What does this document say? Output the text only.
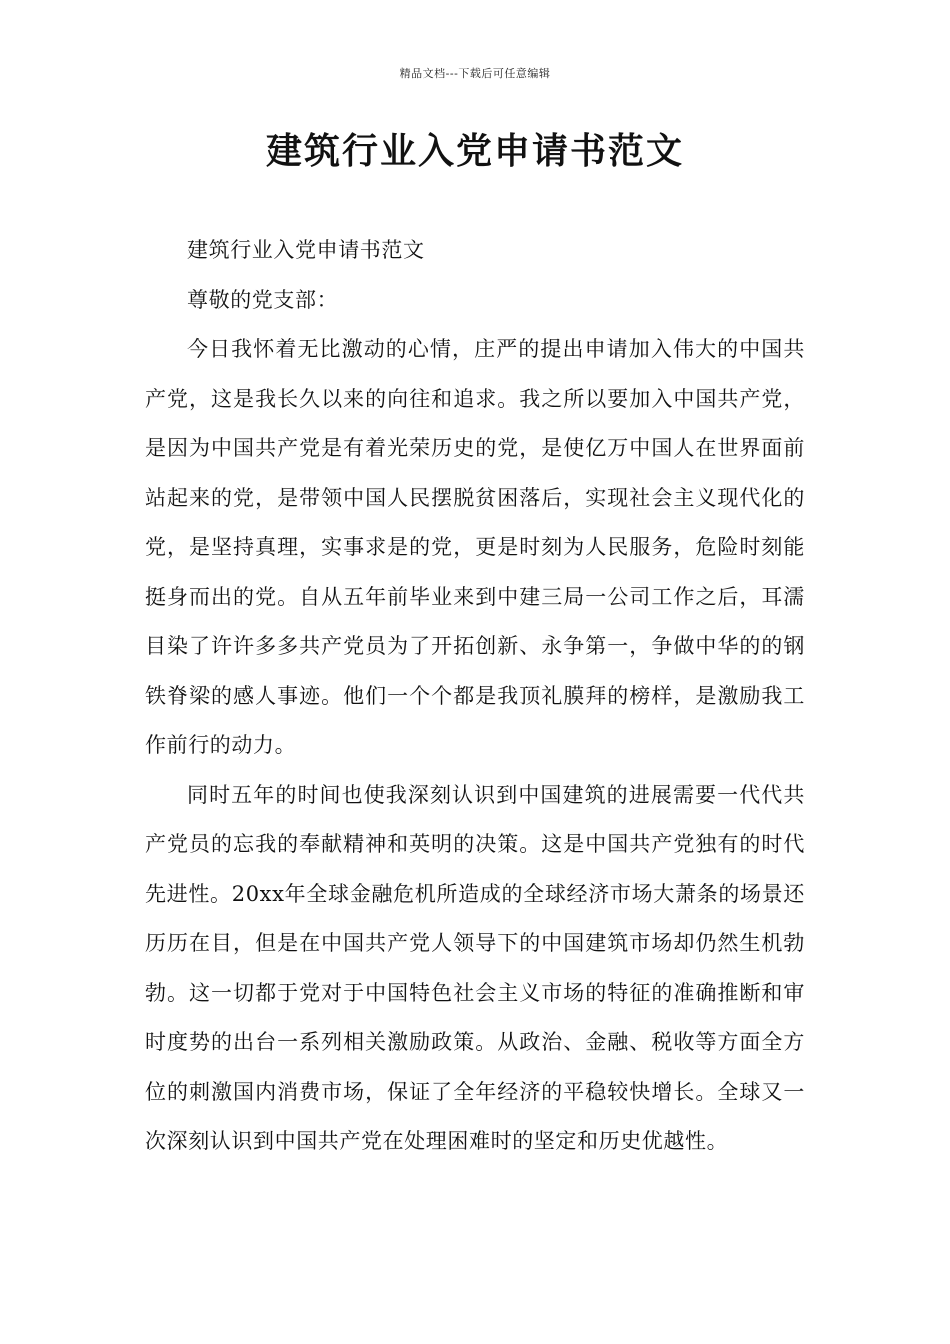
精品文档---下载后可任意编辑
建筑行业入党申请书范文

建筑行业入党申请书范文

尊敬的党支部：

今日我怀着无比激动的心情，庄严的提出申请加入伟大的中国共产党，这是我长久以来的向往和追求。我之所以要加入中国共产党，是因为中国共产党是有着光荣历史的党，是使亿万中国人在世界面前站起来的党，是带领中国人民摆脱贫困落后，实现社会主义现代化的党，是坚持真理，实事求是的党，更是时刻为人民服务，危险时刻能挺身而出的党。自从五年前毕业来到中建三局一公司工作之后，耳濡目染了许许多多共产党员为了开拓创新、永争第一，争做中华的的钢铁脊梁的感人事迹。他们一个个都是我顶礼膜拜的榜样，是激励我工作前行的动力。

同时五年的时间也使我深刻认识到中国建筑的进展需要一代代共产党员的忘我的奉献精神和英明的决策。这是中国共产党独有的时代先进性。20xx年全球金融危机所造成的全球经济市场大萧条的场景还历历在目，但是在中国共产党人领导下的中国建筑市场却仍然生机勃勃。这一切都于党对于中国特色社会主义市场的特征的准确推断和审时度势的出台一系列相关激励政策。从政治、金融、税收等方面全方位的刺激国内消费市场，保证了全年经济的平稳较快增长。全球又一次深刻认识到中国共产党在处理困难时的坚定和历史优越性。
